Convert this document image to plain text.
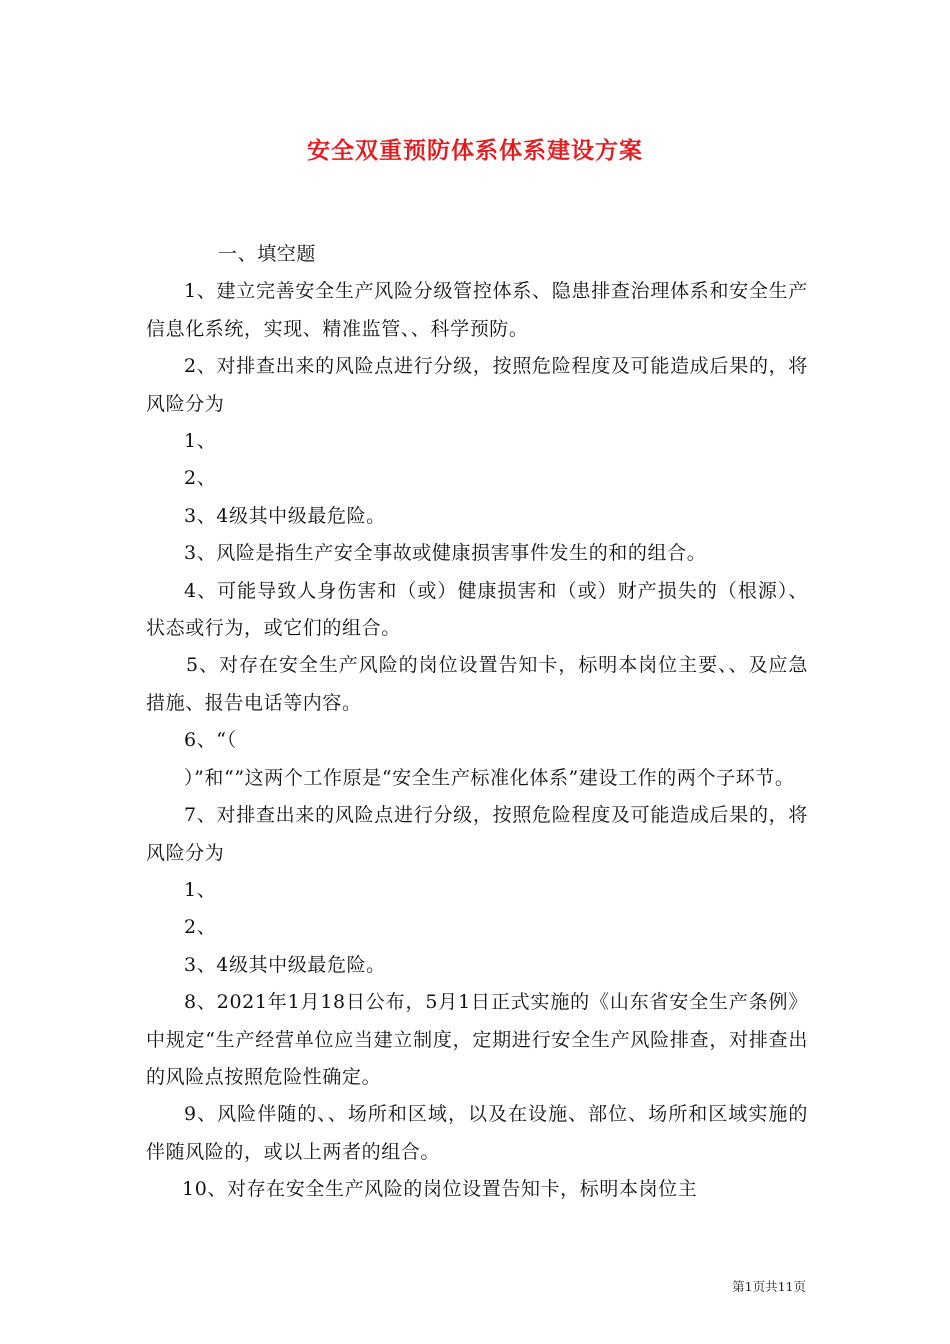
安全双重预防体系体系建设方案

一、填空题

1、建立完善安全生产风险分级管控体系、隐患排查治理体系和安全生产信息化系统，实现、精准监管、、科学预防。

2、对排查出来的风险点进行分级，按照危险程度及可能造成后果的，将风险分为

1、

2、

3、4级其中级最危险。

3、风险是指生产安全事故或健康损害事件发生的和的组合。

4、可能导致人身伤害和（或）健康损害和（或）财产损失的（根源）、状态或行为，或它们的组合。

5、对存在安全生产风险的岗位设置告知卡，标明本岗位主要、、及应急措施、报告电话等内容。

6、“（

）”和“”这两个工作原是“安全生产标准化体系”建设工作的两个子环节。

7、对排查出来的风险点进行分级，按照危险程度及可能造成后果的，将风险分为

1、

2、

3、4级其中级最危险。

8、2021年1月18日公布，5月1日正式实施的《山东省安全生产条例》中规定“生产经营单位应当建立制度，定期进行安全生产风险排查，对排查出的风险点按照危险性确定。

9、风险伴随的、、场所和区域，以及在设施、部位、场所和区域实施的伴随风险的，或以上两者的组合。

10、对存在安全生产风险的岗位设置告知卡，标明本岗位主

第1页共11页
